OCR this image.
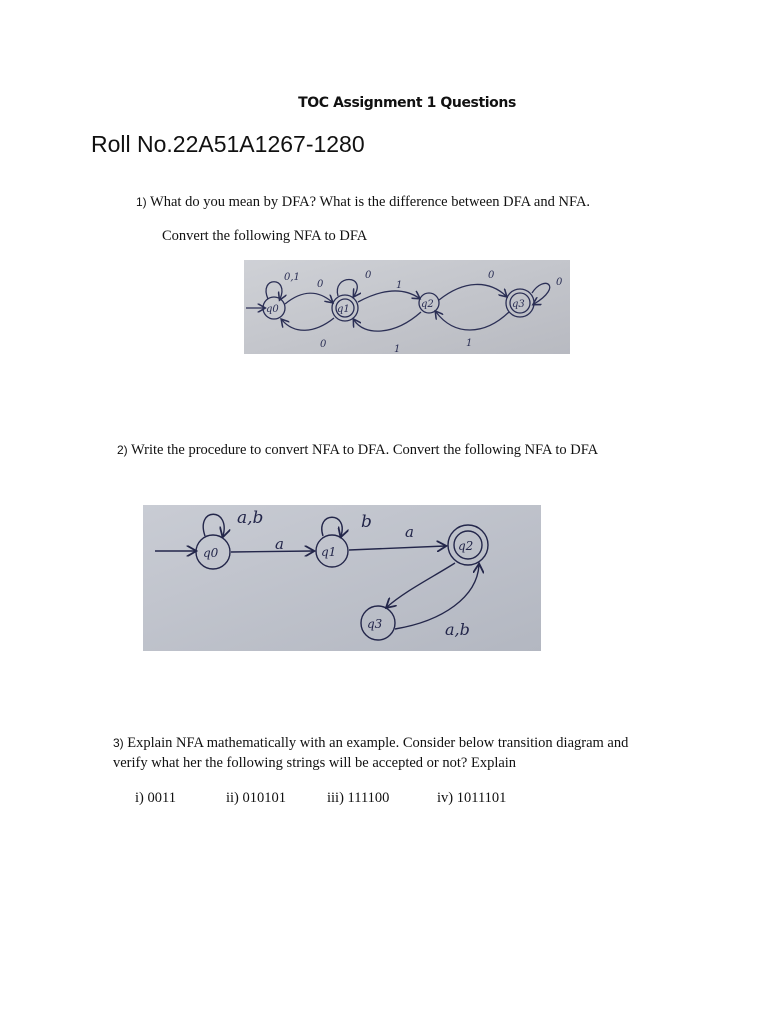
TOC Assignment 1 Questions
Roll No.22A51A1267-1280
1) What do you mean by DFA? What is the difference between DFA and NFA.
Convert the following NFA to DFA
q0	q1	q2	q3
0,1
0
0
1
0
0
0	1
1
2) Write the procedure to convert NFA to DFA. Convert the following NFA to DFA
q0	q1	q2
q3
a,b
a
b a
a,b
3) Explain NFA mathematically with an example. Consider below transition diagram and
verify what her the following strings will be accepted or not? Explain
i) 0011	ii) 010101	iii) 111100	iv) 1011101
